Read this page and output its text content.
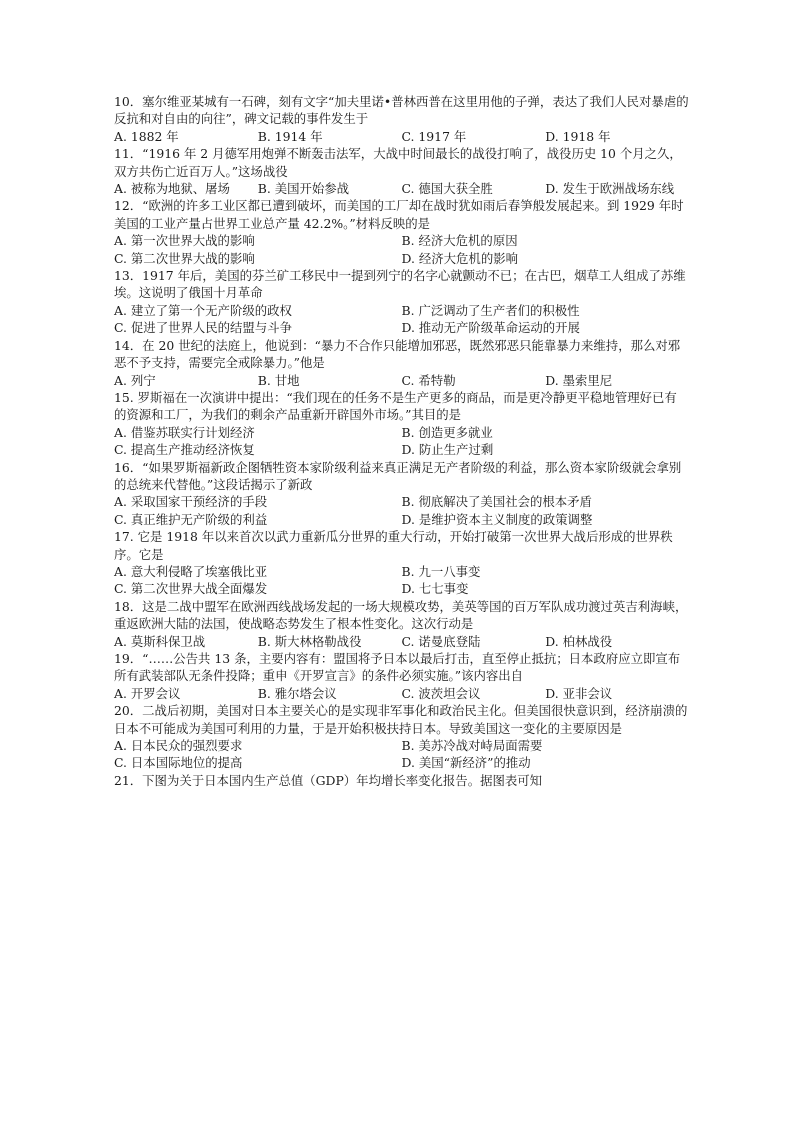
10．塞尔维亚某城有一石碑，刻有文字“加夫里诺•普林西普在这里用他的子弹，表达了我们人民对暴虐的反抗和对自由的向往”，碑文记载的事件发生于

A. 1882 年	B. 1914 年	C. 1917 年	D. 1918 年

11．“1916 年 2 月德军用炮弹不断轰击法军，大战中时间最长的战役打响了，战役历史 10 个月之久，双方共伤亡近百万人。”这场战役

A. 被称为地狱、屠场	B. 美国开始参战	C. 德国大获全胜	D. 发生于欧洲战场东线

12．“欧洲的许多工业区都已遭到破坏，而美国的工厂却在战时犹如雨后春笋般发展起来。到 1929 年时美国的工业产量占世界工业总产量 42.2%。”材料反映的是

A. 第一次世界大战的影响	B. 经济大危机的原因
C. 第二次世界大战的影响	D. 经济大危机的影响

13．1917 年后，美国的芬兰矿工移民中一提到列宁的名字心就颤动不已；在古巴，烟草工人组成了苏维埃。这说明了俄国十月革命

A. 建立了第一个无产阶级的政权	B. 广泛调动了生产者们的积极性
C. 促进了世界人民的结盟与斗争	D. 推动无产阶级革命运动的开展

14．在 20 世纪的法庭上，他说到：“暴力不合作只能增加邪恶，既然邪恶只能靠暴力来维持，那么对邪恶不予支持，需要完全戒除暴力。”他是

A. 列宁	B. 甘地	C. 希特勒	D. 墨索里尼

15. 罗斯福在一次演讲中提出：“我们现在的任务不是生产更多的商品，而是更冷静更平稳地管理好已有的资源和工厂，为我们的剩余产品重新开辟国外市场。”其目的是

A. 借鉴苏联实行计划经济	B. 创造更多就业
C. 提高生产推动经济恢复	D. 防止生产过剩

16．“如果罗斯福新政企图牺牲资本家阶级利益来真正满足无产者阶级的利益，那么资本家阶级就会拿别的总统来代替他。”这段话揭示了新政

A. 采取国家干预经济的手段	B. 彻底解决了美国社会的根本矛盾
C. 真正维护无产阶级的利益	D. 是维护资本主义制度的政策调整

17. 它是 1918 年以来首次以武力重新瓜分世界的重大行动，开始打破第一次世界大战后形成的世界秩序。它是

A. 意大利侵略了埃塞俄比亚	B. 九一八事变
C. 第二次世界大战全面爆发	D. 七七事变

18．这是二战中盟军在欧洲西线战场发起的一场大规模攻势，美英等国的百万军队成功渡过英吉利海峡，重返欧洲大陆的法国，使战略态势发生了根本性变化。这次行动是

A. 莫斯科保卫战	B. 斯大林格勒战役	C. 诺曼底登陆	D. 柏林战役

19．“……公告共 13 条，主要内容有：盟国将予日本以最后打击，直至停止抵抗；日本政府应立即宣布所有武装部队无条件投降；重申《开罗宣言》的条件必须实施。”该内容出自

A. 开罗会议	B. 雅尔塔会议	C. 波茨坦会议	D. 亚非会议

20．二战后初期，美国对日本主要关心的是实现非军事化和政治民主化。但美国很快意识到，经济崩溃的日本不可能成为美国可利用的力量，于是开始积极扶持日本。导致美国这一变化的主要原因是

A. 日本民众的强烈要求	B. 美苏冷战对峙局面需要
C. 日本国际地位的提高	D. 美国“新经济”的推动

21．下图为关于日本国内生产总值（GDP）年均增长率变化报告。据图表可知
